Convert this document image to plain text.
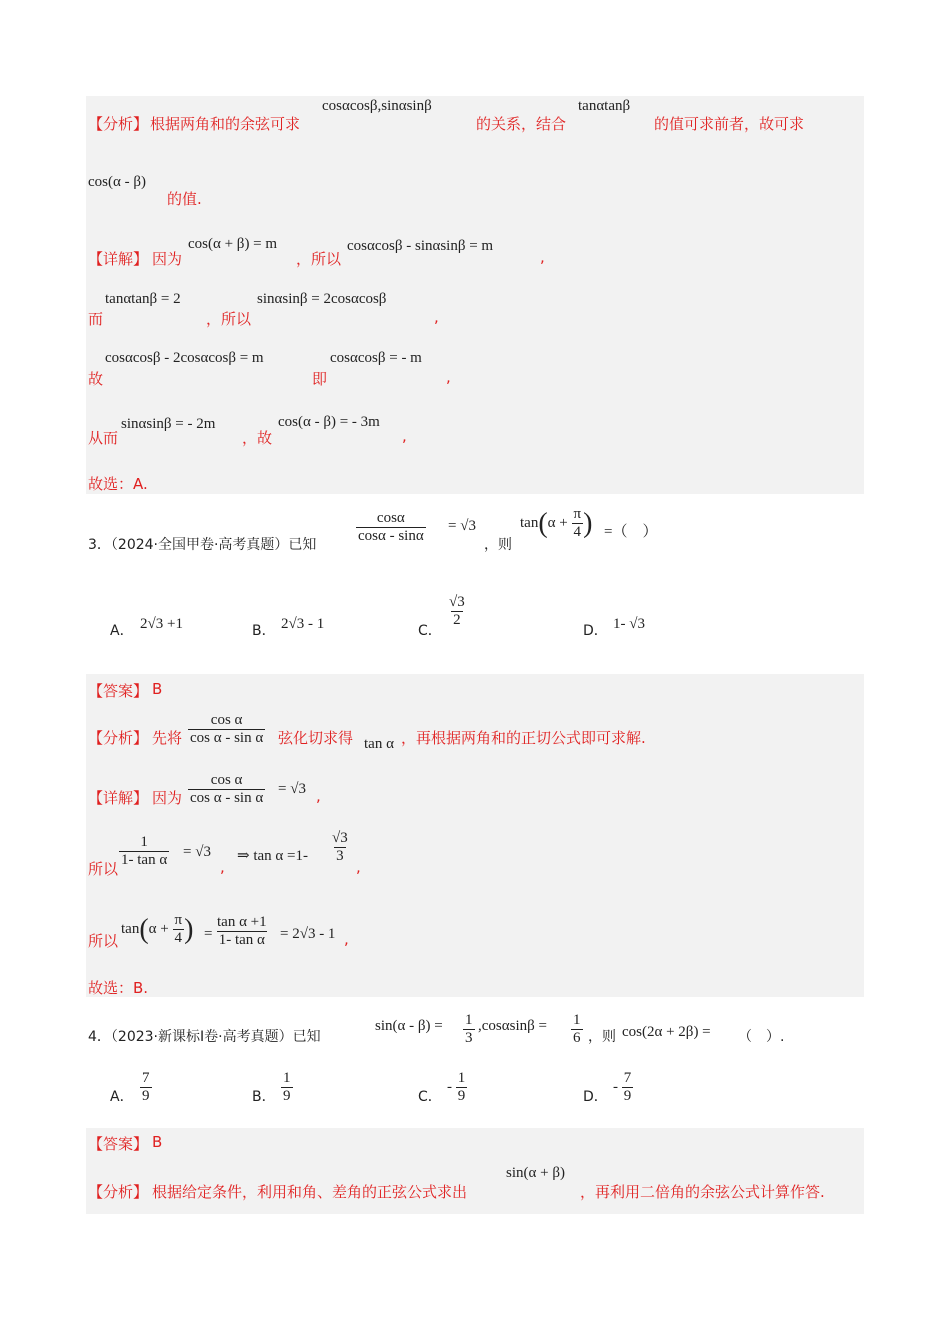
【分析】 根据两角和的余弦可求
cosαcosβ,sinαsinβ
的关系，结合
tanαtanβ
的值可求前者，故可求
cos(α - β)
的值.
【详解】 因为
cos(α + β) = m
，所以
cosαcosβ - sinαsinβ = m
,
而
tanαtanβ = 2
，所以
sinαsinβ = 2cosαcosβ
,
故
cosαcosβ - 2cosαcosβ = m
即
cosαcosβ = - m
,
从而
sinαsinβ = - 2m
，故
cos(α - β) = - 3m
,
故选：A.
3．（2024·全国甲卷·高考真题）已知	$\frac{\cos\alpha}{\cos\alpha - \sin\alpha} = √3$
，则
$\tan(\alpha + \frac{\pi}{4}$ ) =（　）
A． 2√3 +1	B． 2√3 - 1	C．
$\frac{√3}{2}$
D． 1- √3
【答案】 B
【分析】 先将 $\frac{\text{cos α}}{\text{cos α - sin α}}$ 弦化切求得 tan α ，再根据两角和的正切公式即可求解.
【详解】 因为 $\frac{\text{cos α}}{\text{cos α - sin α}} = √3$ ,
所以 $\frac{1}{\text{1- tan α}} = √3$
,
⇒ $\tan \alpha =1- \frac{√3}{3}$
,
所以
$\tan(\alpha + \frac{\pi}{4}$ ) = $\frac{\text{tan α +1}}{\text{1- tan α}} = 2√3 - 1$ ,
故选：B.
4．（2023·新课标Ⅰ卷·高考真题）已知
$\sin(\alpha - \beta) = \frac{1}{3} ,\cos\alpha\sin\beta = \frac{1}{6}$ ，则 cos(2α + 2β) = （　）.
A． $\frac{7}{9}$	B． $\frac{1}{9}$	C．
- $\frac{1}{9}$	D．
- $\frac{7}{9}$
【答案】 B
【分析】 根据给定条件，利用和角、差角的正弦公式求出
sin(α + β)
，再利用二倍角的余弦公式计算作答.
